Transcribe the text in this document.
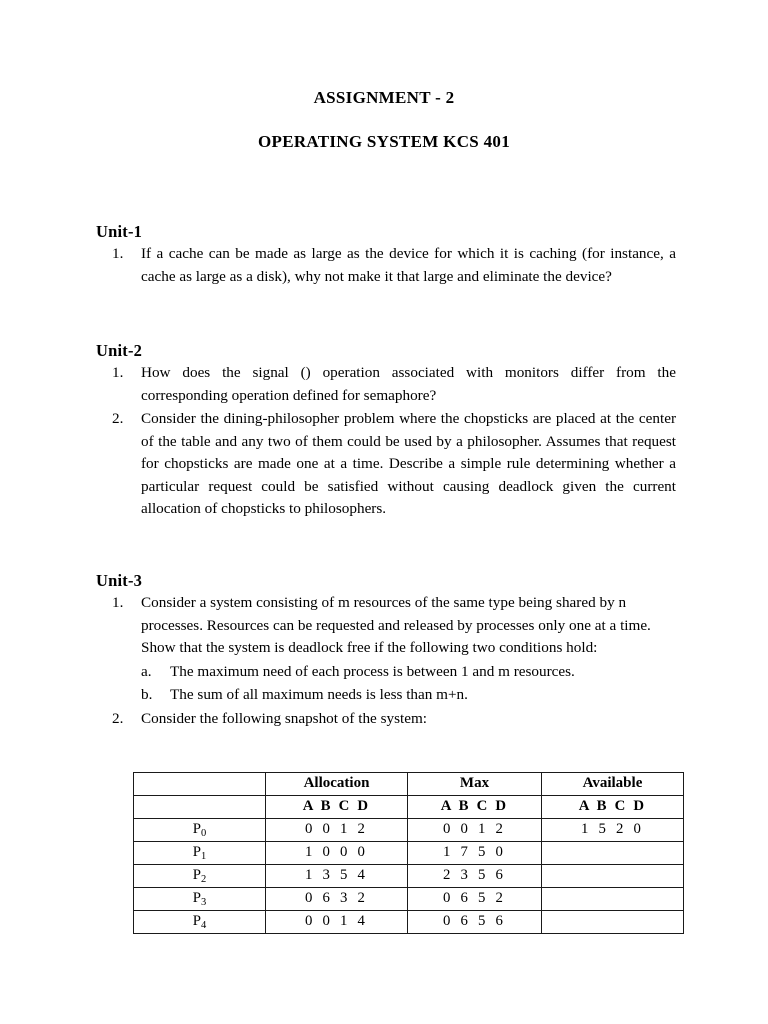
ASSIGNMENT - 2
OPERATING SYSTEM KCS 401
Unit-1
1.	If a cache can be made as large as the device for which it is caching (for instance, a cache as large as a disk), why not make it that large and eliminate the device?
Unit-2
1.	How does the signal () operation associated with monitors differ from the corresponding operation defined for semaphore?
2.	Consider the dining-philosopher problem where the chopsticks are placed at the center of the table and any two of them could be used by a philosopher. Assumes that request for chopsticks are made one at a time. Describe a simple rule determining whether a particular request could be satisfied without causing deadlock given the current allocation of chopsticks to philosophers.
Unit-3
1.	Consider a system consisting of m resources of the same type being shared by n processes. Resources can be requested and released by processes only one at a time. Show that the system is deadlock free if the following two conditions hold:
a.	The maximum need of each process is between 1 and m resources.
b.	The sum of all maximum needs is less than m+n.
2.	Consider the following snapshot of the system:
	Allocation	Max	Available
	A B C D	A B C D	A B C D
$P_0$	0 0 1 2	0 0 1 2	1 5 2 0
$P_1$	1 0 0 0	1 7 5 0	
$P_2$	1 3 5 4	2 3 5 6	
$P_3$	0 6 3 2	0 6 5 2	
$P_4$	0 0 1 4	0 6 5 6	
